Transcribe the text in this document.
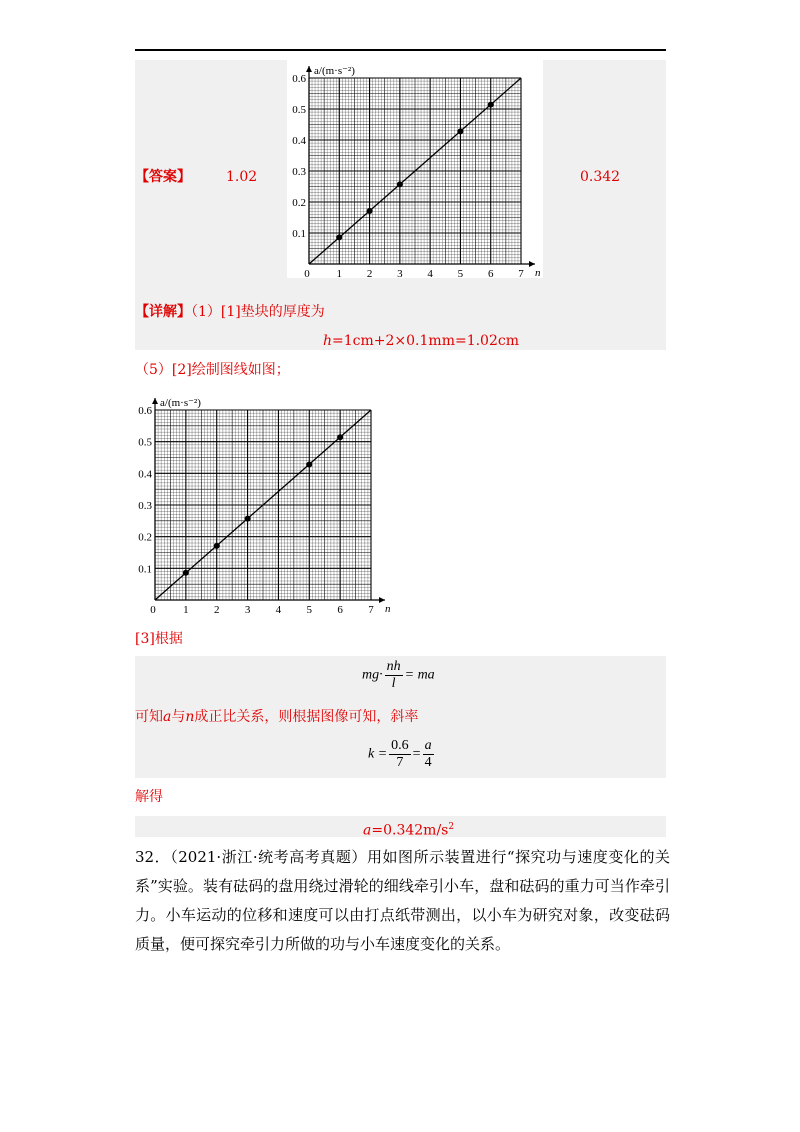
【答案】	1.02	0.342
0 1 2 3 4 5 6 7
0.1
0.2
0.3
0.4
0.5
0.6
n
a/(m·s⁻²)
【详解】（1）[1]垫块的厚度为
h=1cm+2×0.1mm=1.02cm
（5）[2]绘制图线如图；
0 1 2 3 4 5 6 7
0.1
0.2
0.3
0.4
0.5
0.6
n
a/(m·s⁻²)
[3]根据
$mg\cdot \frac{nh}{l}$ = ma
可知a与n成正比关系，则根据图像可知，斜率
$k = \frac{0.6}{7} = \frac{a}{4}$
解得
$a=0.342m/s^2$
32．（2021·浙江·统考高考真题）用如图所示装置进行“探究功与速度变化的关系”实验。装有砝码的盘用绕过滑轮的细线牵引小车，盘和砝码的重力可当作牵引力。小车运动的位移和速度可以由打点纸带测出，以小车为研究对象，改变砝码质量，便可探究牵引力所做的功与小车速度变化的关系。
